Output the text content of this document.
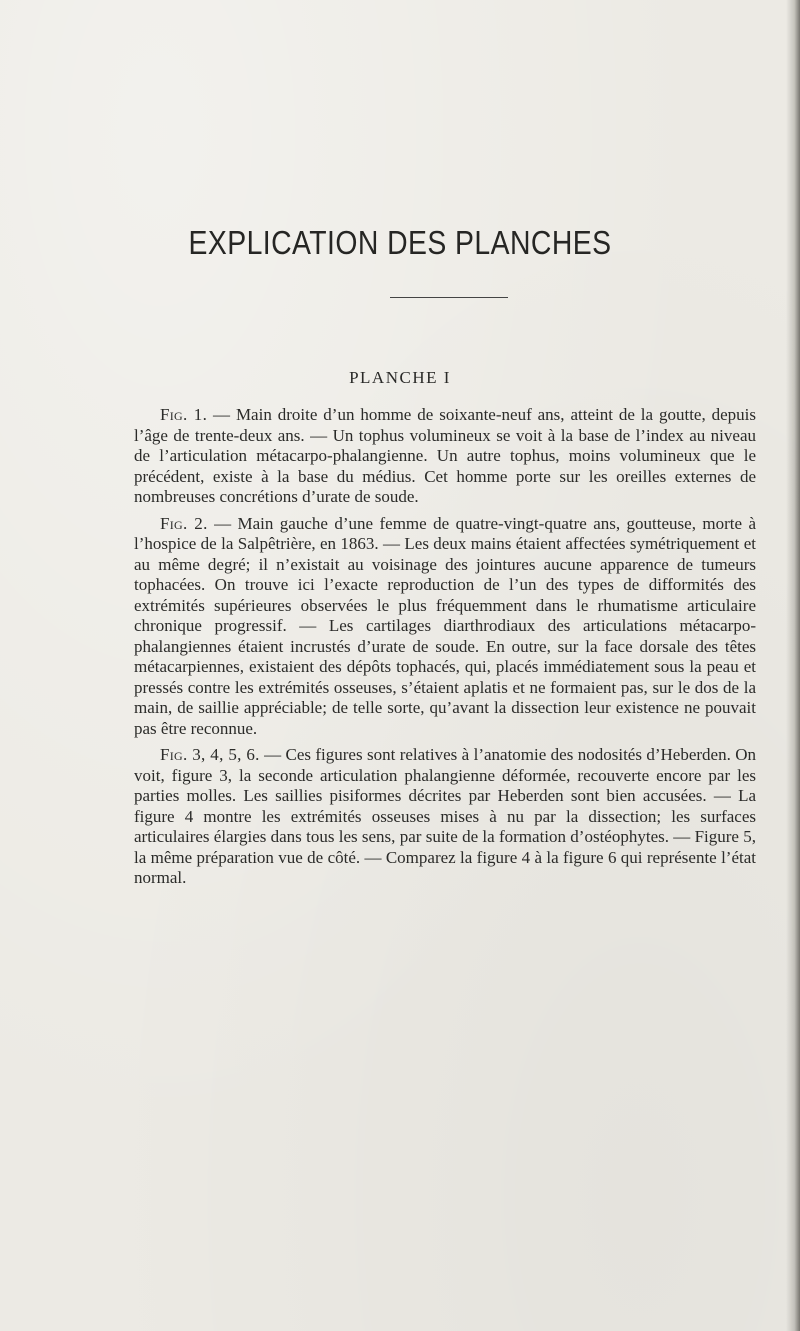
EXPLICATION DES PLANCHES
PLANCHE I

Fig. 1. — Main droite d’un homme de soixante-neuf ans, atteint de la goutte, depuis l’âge de trente-deux ans. — Un tophus volumineux se voit à la base de l’index au niveau de l’articulation métacarpo-phalangienne. Un autre tophus, moins volumineux que le précédent, existe à la base du médius. Cet homme porte sur les oreilles externes de nombreuses concrétions d’urate de soude.

Fig. 2. — Main gauche d’une femme de quatre-vingt-quatre ans, goutteuse, morte à l’hospice de la Salpêtrière, en 1863. — Les deux mains étaient affectées symétriquement et au même degré; il n’existait au voisinage des jointures aucune apparence de tumeurs tophacées. On trouve ici l’exacte reproduction de l’un des types de difformités des extrémités supérieures observées le plus fréquemment dans le rhumatisme articulaire chronique progressif. — Les cartilages diarthrodiaux des articulations métacarpo-phalangiennes étaient incrustés d’urate de soude. En outre, sur la face dorsale des têtes métacarpiennes, existaient des dépôts tophacés, qui, placés immédiatement sous la peau et pressés contre les extrémités osseuses, s’étaient aplatis et ne formaient pas, sur le dos de la main, de saillie appréciable; de telle sorte, qu’avant la dissection leur existence ne pouvait pas être reconnue.

Fig. 3, 4, 5, 6. — Ces figures sont relatives à l’anatomie des nodosités d’Heberden. On voit, figure 3, la seconde articulation phalangienne déformée, recouverte encore par les parties molles. Les saillies pisiformes décrites par Heberden sont bien accusées. — La figure 4 montre les extrémités osseuses mises à nu par la dissection; les surfaces articulaires élargies dans tous les sens, par suite de la formation d’ostéophytes. — Figure 5, la même préparation vue de côté. — Comparez la figure 4 à la figure 6 qui représente l’état normal.
